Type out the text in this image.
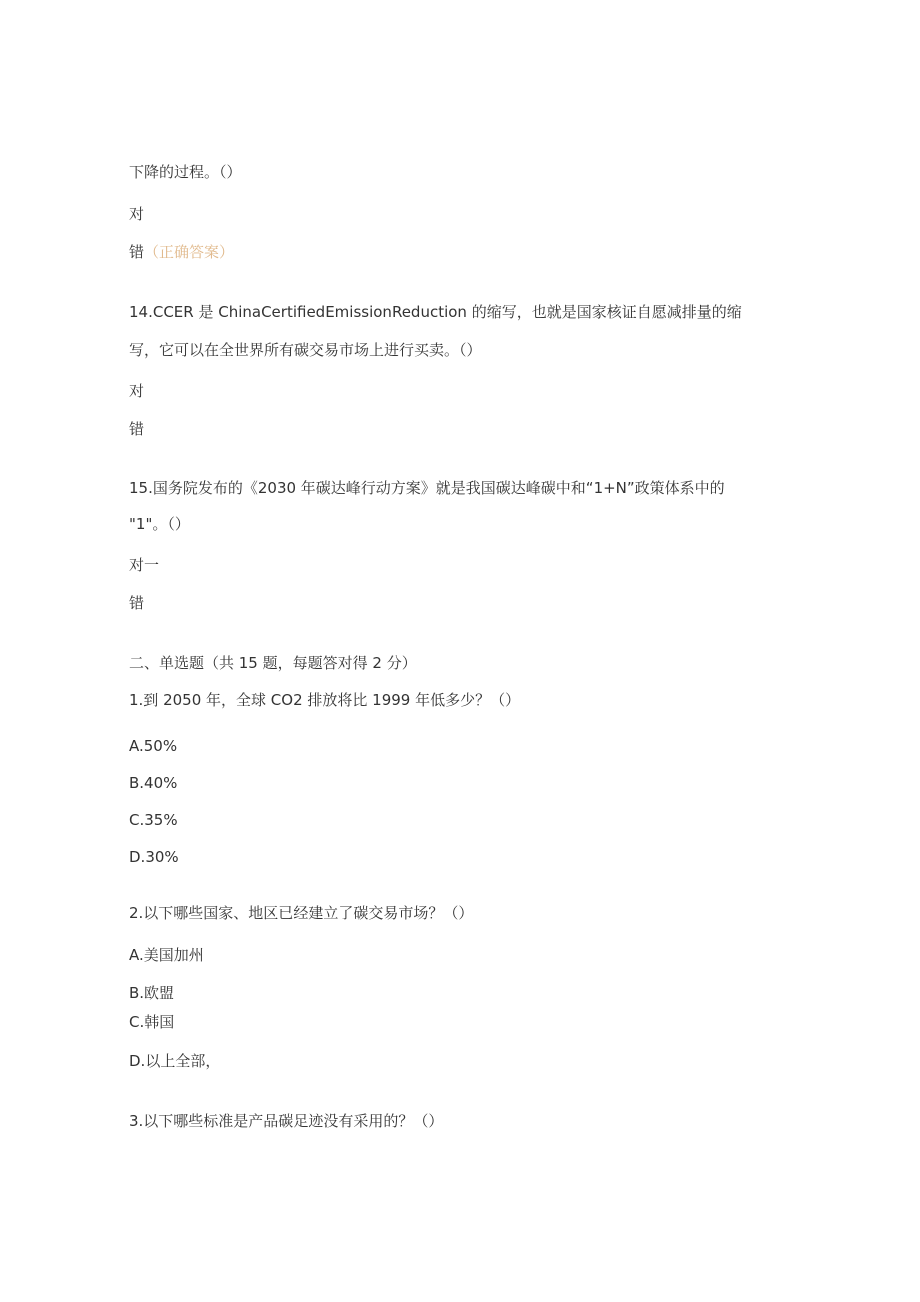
下降的过程。（）
对
错（正确答案）
14.CCER 是 ChinaCertifiedEmissionReduction 的缩写，也就是国家核证自愿减排量的缩
写，它可以在全世界所有碳交易市场上进行买卖。（）
对
错
15.国务院发布的《2030 年碳达峰行动方案》就是我国碳达峰碳中和“1+N”政策体系中的
"1"。（）
对一
错
二、单选题（共 15 题，每题答对得 2 分）
1.到 2050 年，全球 CO2 排放将比 1999 年低多少？（）
A.50%
B.40%
C.35%
D.30%
2.以下哪些国家、地区已经建立了碳交易市场？（）
A.美国加州
B.欧盟
C.韩国
D.以上全部，
3.以下哪些标准是产品碳足迹没有采用的？（）
